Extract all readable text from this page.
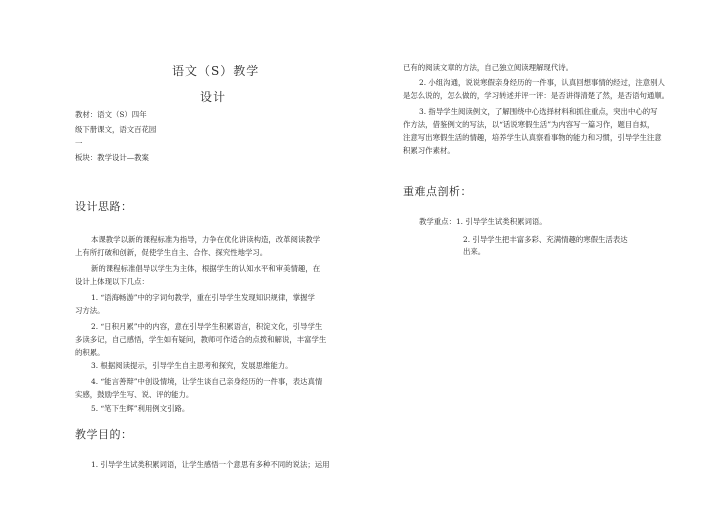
语文（S）教学
设计
教材：语文（S）四年
级下册课文，语文百花园
一
板块：教学设计—教案
设计思路：
本课教学以新的课程标准为指导，力争在优化讲读构造，改革阅读教学
上有所打破和创新，促使学生自主、合作、探究性地学习。
新的课程标准倡导以学生为主体，根据学生的认知水平和审美情趣，在
设计上体现以下几点：
1. “语海畅游”中的字词句教学，重在引导学生发现知识规律，掌握学
习方法。
2. “日积月累”中的内容，意在引导学生积累语言，积淀文化，引导学生
多读多记，自己感悟，学生如有疑问，教师可作适合的点拨和解说，丰富学生
的积累。
3. 根据阅读提示，引导学生自主思考和探究，发展思维能力。
4. “能言善辩”中创设情境，让学生谈自己亲身经历的一件事，表达真情
实感，鼓励学生写、说、评的能力。
5. “笔下生辉”利用例文引路。
教学目的：
1. 引导学生试类积累词语，让学生感悟一个意思有多种不同的说法；运用
已有的阅读文章的方法，自己独立阅读理解现代诗。
2. 小组沟通，说说寒假亲身经历的一件事，认真回想事情的经过，注意别人
是怎么说的，怎么做的，学习转述并评一评：是否讲得清楚了然，是否语句通顺。
3. 指导学生阅读例文，了解围绕中心选择材料和抓住重点，突出中心的写
作方法，借鉴例文的写法，以“话说寒假生活”为内容写一篇习作，题目自拟，
注意写出寒假生活的情趣，培养学生认真察看事物的能力和习惯，引导学生注意
积累习作素材。
重难点剖析：
教学重点：1. 引导学生试类积累词语。
2. 引导学生把丰富多彩、充满情趣的寒假生活表达
出来。
